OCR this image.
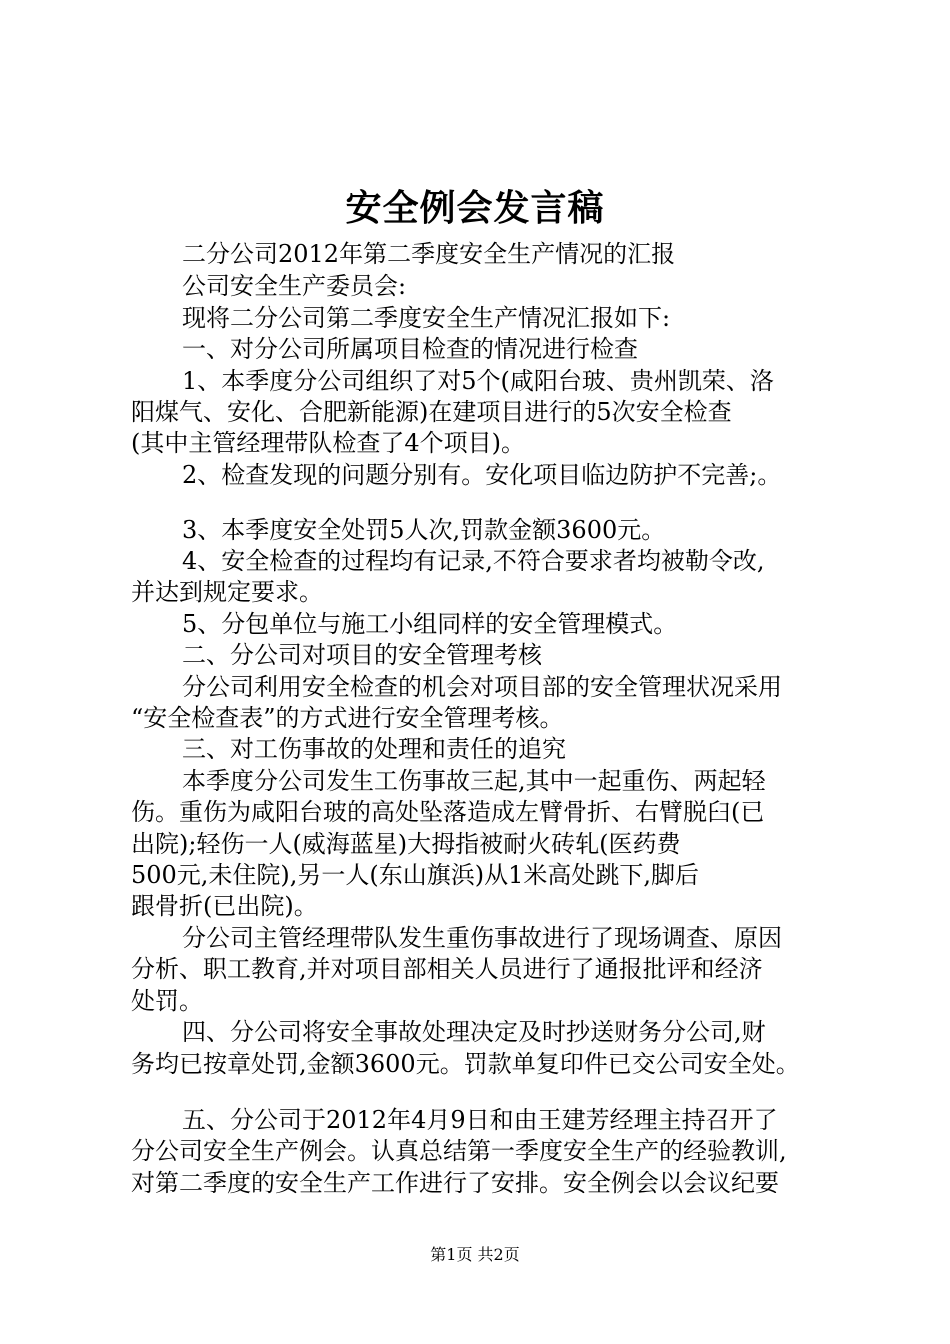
安全例会发言稿
二分公司2012年第二季度安全生产情况的汇报
公司安全生产委员会:
现将二分公司第二季度安全生产情况汇报如下:
一、对分公司所属项目检查的情况进行检查
1、本季度分公司组织了对5个(咸阳台玻、贵州凯荣、洛
阳煤气、安化、合肥新能源)在建项目进行的5次安全检查
(其中主管经理带队检查了4个项目)。
2、检查发现的问题分别有。安化项目临边防护不完善;。
3、本季度安全处罚5人次,罚款金额3600元。
4、安全检查的过程均有记录,不符合要求者均被勒令改,
并达到规定要求。
5、分包单位与施工小组同样的安全管理模式。
二、分公司对项目的安全管理考核
分公司利用安全检查的机会对项目部的安全管理状况采用
“安全检查表”的方式进行安全管理考核。
三、对工伤事故的处理和责任的追究
本季度分公司发生工伤事故三起,其中一起重伤、两起轻
伤。重伤为咸阳台玻的高处坠落造成左臂骨折、右臂脱臼(已
出院);轻伤一人(威海蓝星)大拇指被耐火砖轧(医药费
500元,未住院),另一人(东山旗浜)从1米高处跳下,脚后
跟骨折(已出院)。
分公司主管经理带队发生重伤事故进行了现场调查、原因
分析、职工教育,并对项目部相关人员进行了通报批评和经济
处罚。
四、分公司将安全事故处理决定及时抄送财务分公司,财
务均已按章处罚,金额3600元。罚款单复印件已交公司安全处。
五、分公司于2012年4月9日和由王建芳经理主持召开了
分公司安全生产例会。认真总结第一季度安全生产的经验教训,
对第二季度的安全生产工作进行了安排。安全例会以会议纪要
第1页 共2页
